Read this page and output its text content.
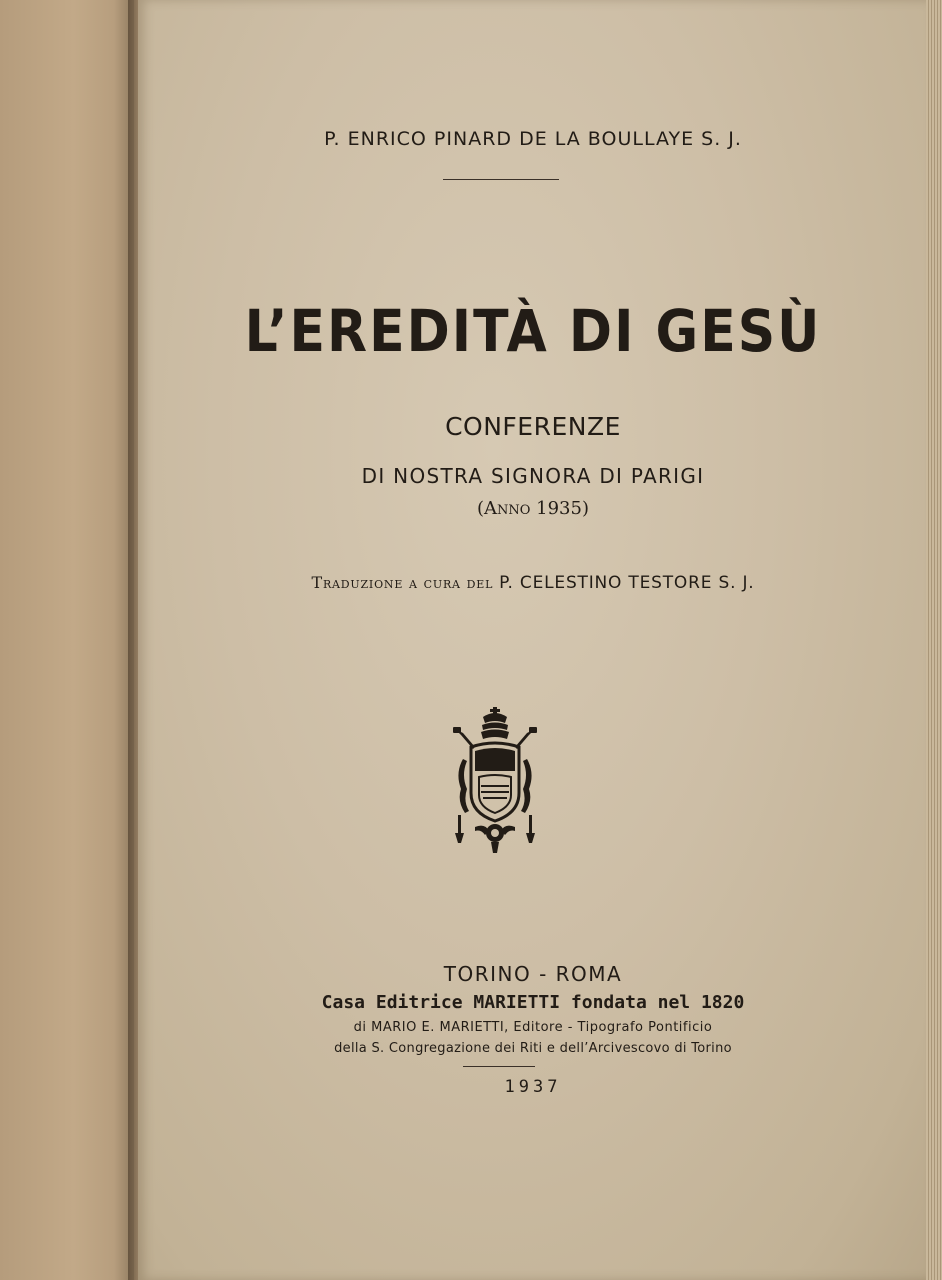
P. ENRICO PINARD DE LA BOULLAYE S. J.
L’EREDITÀ DI GESÙ
CONFERENZE
DI NOSTRA SIGNORA DI PARIGI
(Anno 1935)
Traduzione a cura del P. CELESTINO TESTORE S. J.
TORINO - ROMA
Casa Editrice MARIETTI fondata nel 1820
di MARIO E. MARIETTI, Editore - Tipografo Pontificio
della S. Congregazione dei Riti e dell’Arcivescovo di Torino
1937
